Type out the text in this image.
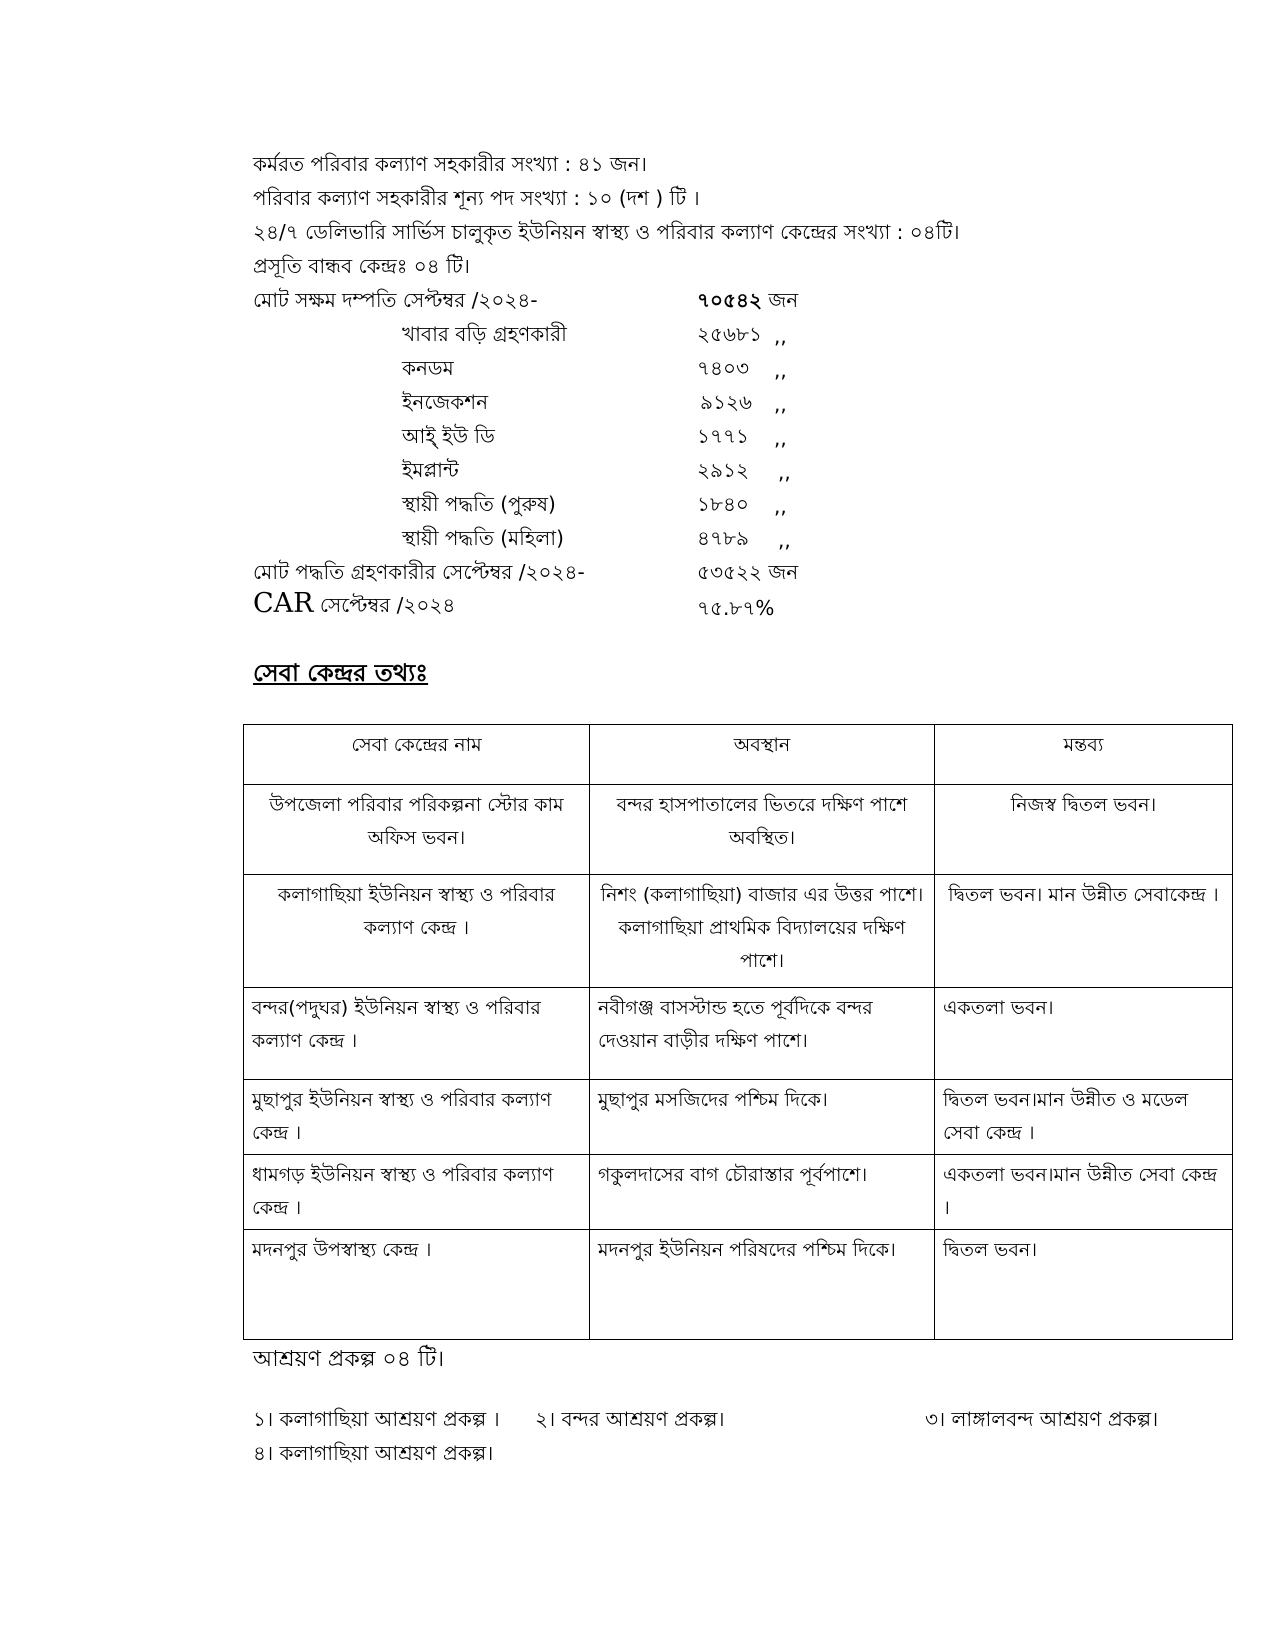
কর্মরত পরিবার কল্যাণ সহকারীর সংখ্যা : ৪১ জন।
পরিবার কল্যাণ সহকারীর শূন্য পদ সংখ্যা : ১০ (দশ ) টি ।
২৪/৭ ডেলিভারি সার্ভিস চালুকৃত ইউনিয়ন স্বাস্থ্য ও পরিবার কল্যাণ কেন্দ্রের সংখ্যা : ০৪টি।
প্রসূতি বান্ধব কেন্দ্রঃ ০৪ টি।
মোট সক্ষম দম্পতি সেপ্টম্বর /২০২৪-	৭০৫৪২ জন
খাবার বড়ি গ্রহণকারী	২৫৬৮১ ,,
কনডম	৭৪০৩ ,,
ইনজেকশন	৯১২৬ ,,
আই্ ইউ ডি	১৭৭১ ,,
ইমপ্লান্ট	২৯১২ ,,
স্থায়ী পদ্ধতি (পুরুষ)	১৮৪০ ,,
স্থায়ী পদ্ধতি (মহিলা)	৪৭৮৯ ,,
মোট পদ্ধতি গ্রহণকারীর সেপ্টেম্বর /২০২৪-	৫৩৫২২ জন
CAR সেপ্টেম্বর /২০২৪	৭৫.৮৭%
সেবা কেন্দ্রর তথ্যঃ
সেবা কেন্দ্রের নাম	অবস্থান	মন্তব্য
উপজেলা পরিবার পরিকল্পনা স্টোর কাম অফিস ভবন।	বন্দর হাসপাতালের ভিতরে দক্ষিণ পাশে অবস্থিত।	নিজস্ব দ্বিতল ভবন।
কলাগাছিয়া ইউনিয়ন স্বাস্থ্য ও পরিবার কল্যাণ কেন্দ্র ।	নিশং (কলাগাছিয়া) বাজার এর উত্তর পাশে। কলাগাছিয়া প্রাথমিক বিদ্যালয়ের দক্ষিণ পাশে।	দ্বিতল ভবন। মান উন্নীত সেবাকেন্দ্র ।
বন্দর(পদুঘর) ইউনিয়ন স্বাস্থ্য ও পরিবার কল্যাণ কেন্দ্র ।	নবীগঞ্জ বাসস্টান্ড হতে পূর্বদিকে বন্দর দেওয়ান বাড়ীর দক্ষিণ পাশে।	একতলা ভবন।
মুছাপুর ইউনিয়ন স্বাস্থ্য ও পরিবার কল্যাণ কেন্দ্র ।	মুছাপুর মসজিদের পশ্চিম দিকে।	দ্বিতল ভবন।মান উন্নীত ও মডেল সেবা কেন্দ্র ।
ধামগড় ইউনিয়ন স্বাস্থ্য ও পরিবার কল্যাণ কেন্দ্র ।	গকুলদাসের বাগ চৌরাস্তার পূর্বপাশে।	একতলা ভবন।মান উন্নীত সেবা কেন্দ্র ।
মদনপুর উপস্বাস্থ্য কেন্দ্র ।	মদনপুর ইউনিয়ন পরিষদের পশ্চিম দিকে।	দ্বিতল ভবন।
আশ্রয়ণ প্রকল্প ০৪ টি।
১। কলাগাছিয়া আশ্রয়ণ প্রকল্প । ২। বন্দর আশ্রয়ণ প্রকল্প।	৩। লাঙ্গালবন্দ আশ্রয়ণ প্রকল্প।
৪। কলাগাছিয়া আশ্রয়ণ প্রকল্প।
